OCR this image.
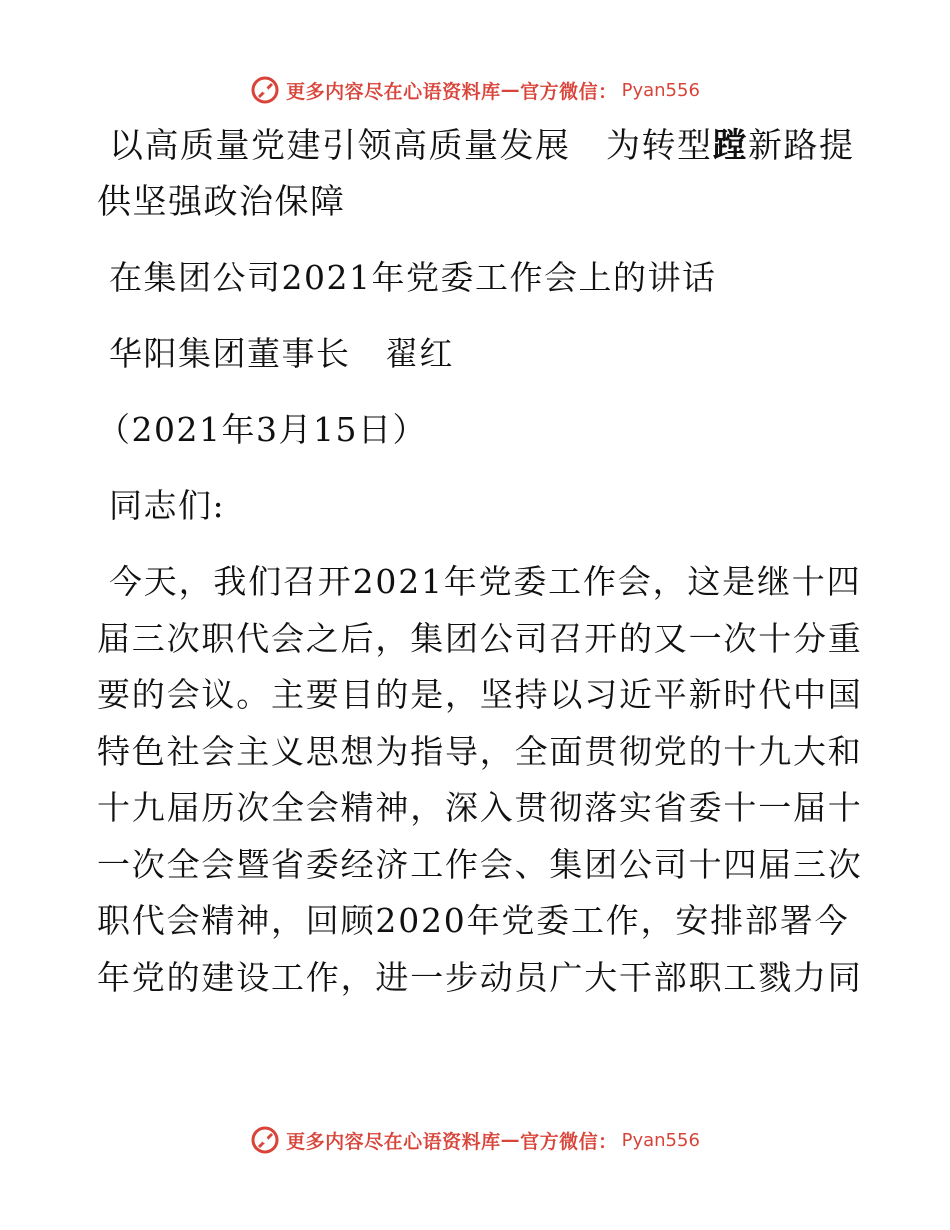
更多内容尽在心语资料库 — 官方微信： Pyan556
以高质量党建引领高质量发展　为转型蹚新路提
供坚强政治保障
在集团公司2021年党委工作会上的讲话
华阳集团董事长　翟红
（2021年3月15日）
同志们:
今天，我们召开2021年党委工作会，这是继十四
届三次职代会之后，集团公司召开的又一次十分重
要的会议。主要目的是，坚持以习近平新时代中国
特色社会主义思想为指导，全面贯彻党的十九大和
十九届历次全会精神，深入贯彻落实省委十一届十
一次全会暨省委经济工作会、集团公司十四届三次
职代会精神，回顾2020年党委工作，安排部署今
年党的建设工作，进一步动员广大干部职工戮力同
更多内容尽在心语资料库 — 官方微信： Pyan556
